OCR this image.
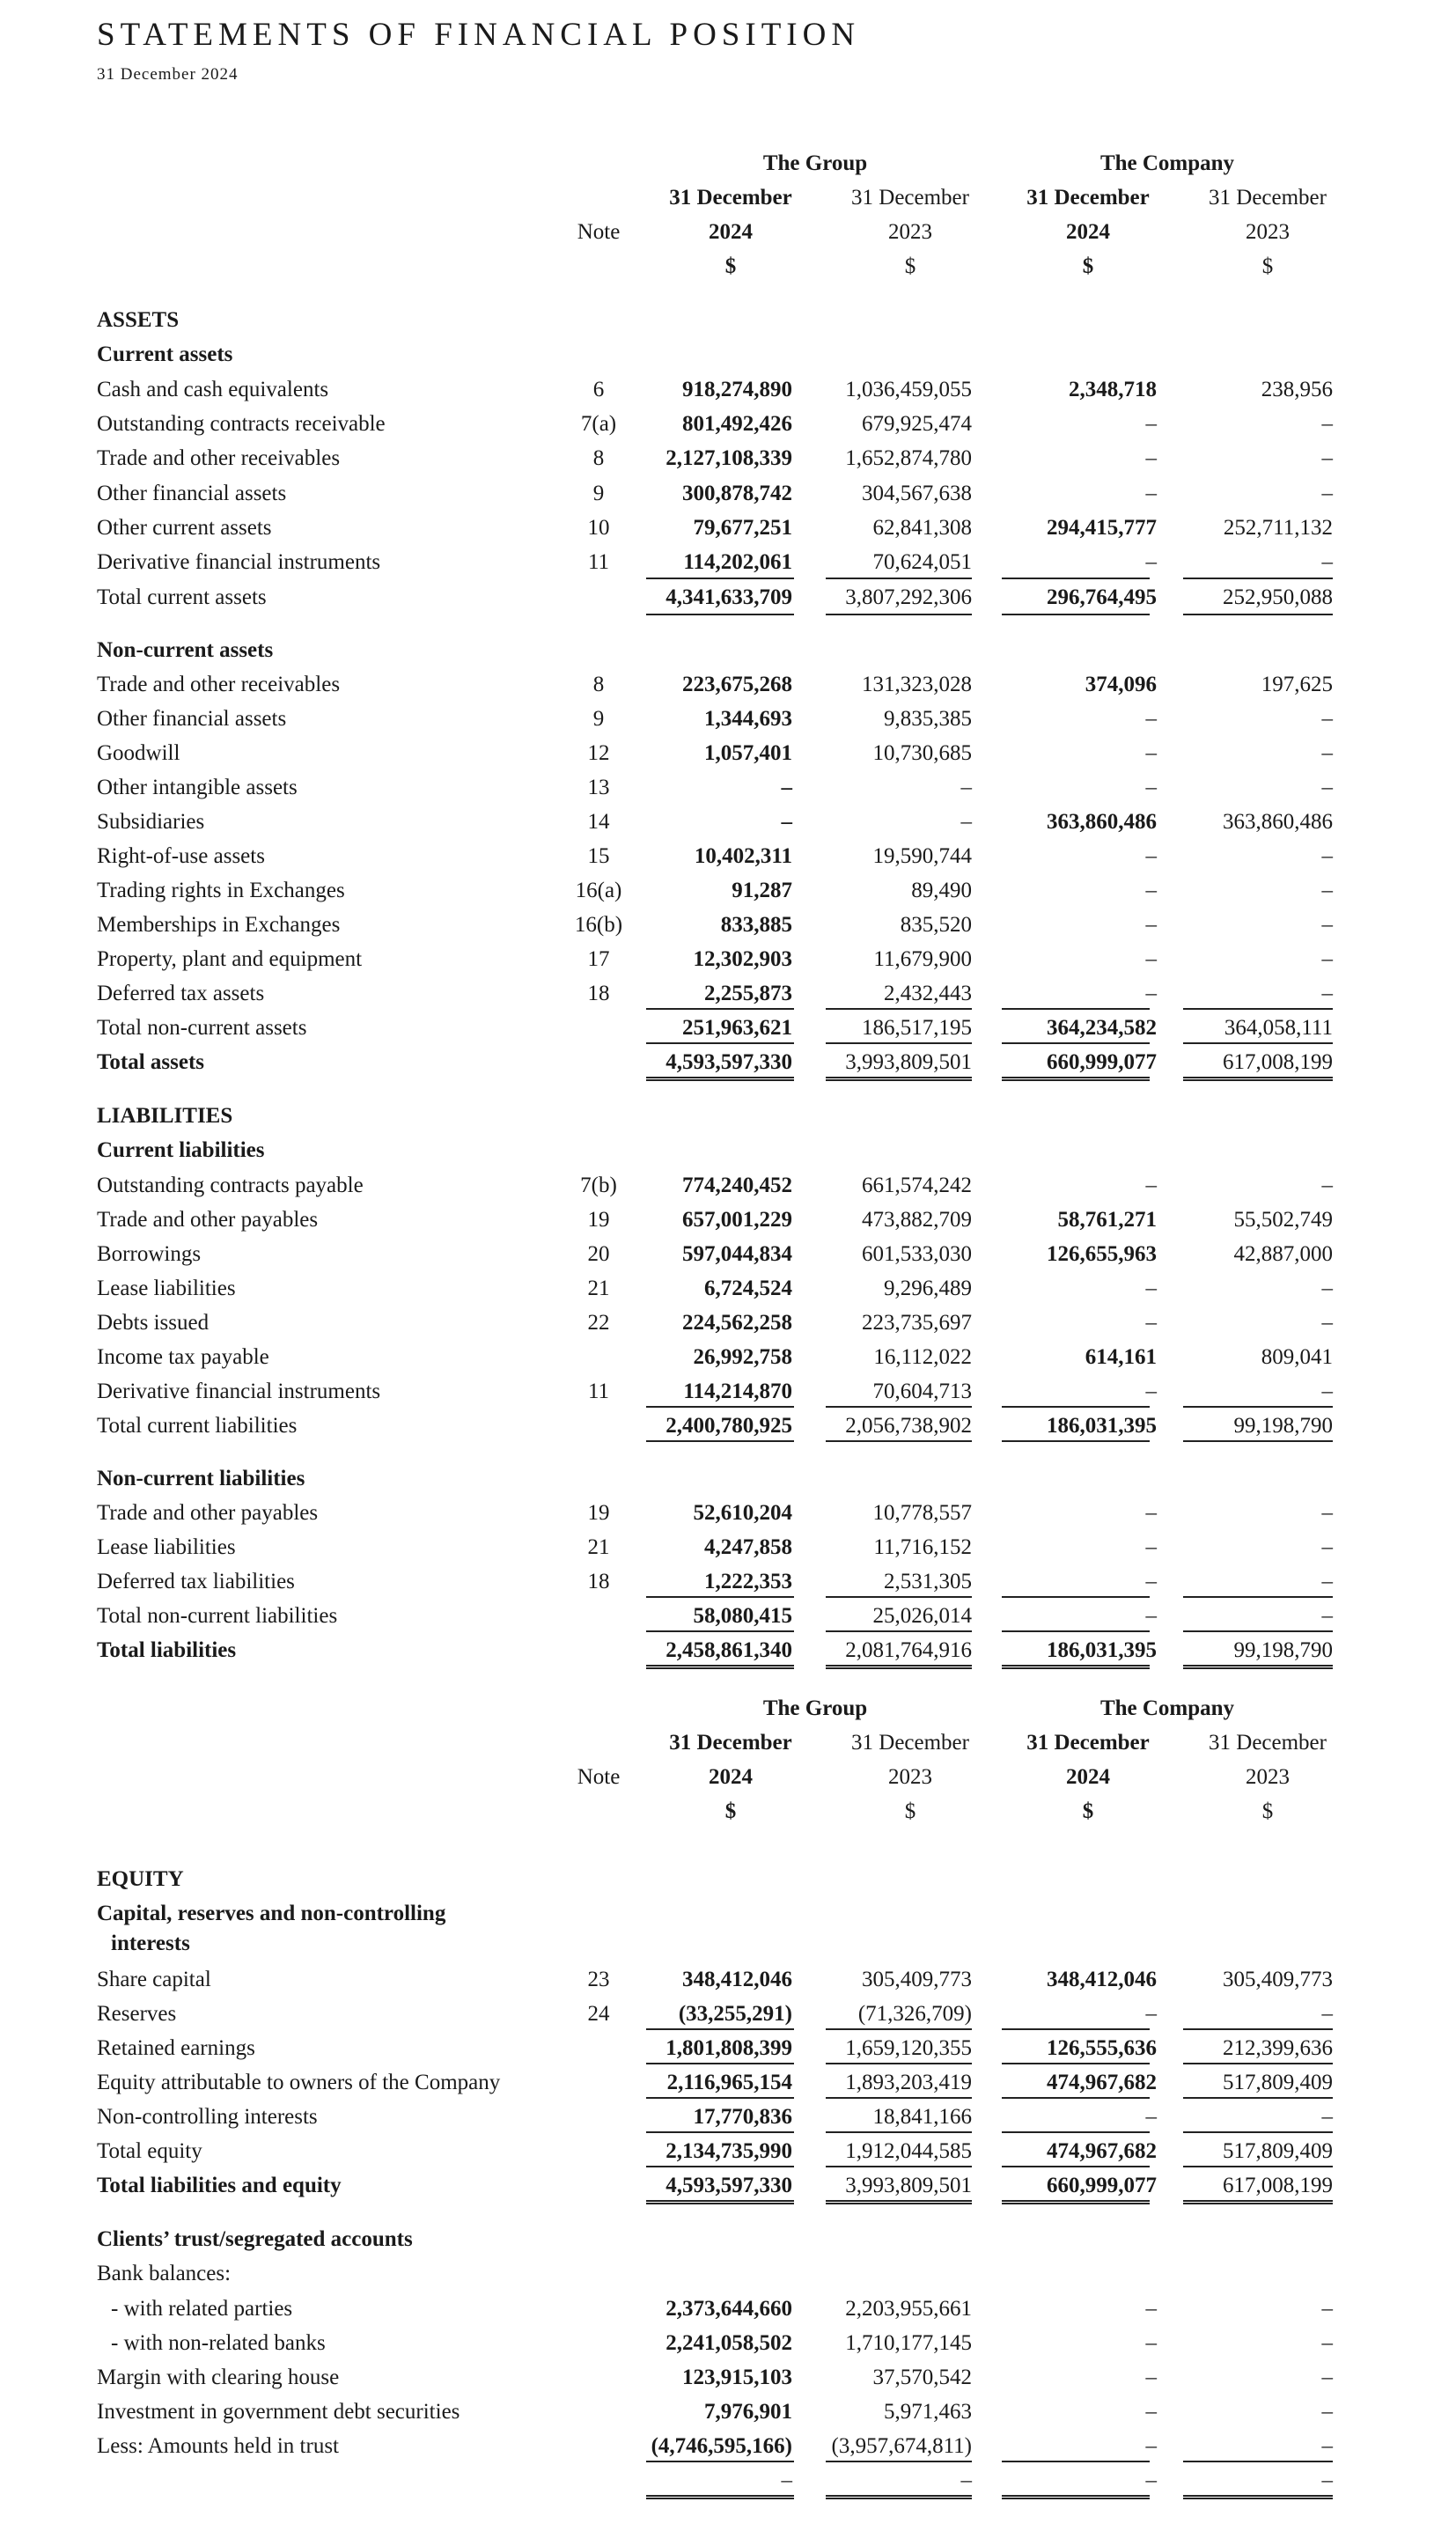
STATEMENTS OF FINANCIAL POSITION
31 December 2024
The Group	The Company
31 December	31 December	31 December	31 December
Note	2024	2023	2024	2023
$	$	$	$
The Group	The Company
31 December	31 December	31 December	31 December
Note	2024	2023	2024	2023
$	$	$	$
ASSETS
Current assets
Cash and cash equivalents	6	918,274,890	1,036,459,055	2,348,718	238,956
Outstanding contracts receivable	7(a)	801,492,426	679,925,474	–	–
Trade and other receivables	8	2,127,108,339	1,652,874,780	–	–
Other financial assets	9	300,878,742	304,567,638	–	–
Other current assets	10	79,677,251	62,841,308	294,415,777	252,711,132
Derivative financial instruments	11	114,202,061	70,624,051	–	–
Total current assets	4,341,633,709	3,807,292,306	296,764,495	252,950,088
Non-current assets
Trade and other receivables	8	223,675,268	131,323,028	374,096	197,625
Other financial assets	9	1,344,693	9,835,385	–	–
Goodwill	12	1,057,401	10,730,685	–	–
Other intangible assets	13	–	–	–	–
Subsidiaries	14	–	–	363,860,486	363,860,486
Right-of-use assets	15	10,402,311	19,590,744	–	–
Trading rights in Exchanges	16(a)	91,287	89,490	–	–
Memberships in Exchanges	16(b)	833,885	835,520	–	–
Property, plant and equipment	17	12,302,903	11,679,900	–	–
Deferred tax assets	18	2,255,873	2,432,443	–	–
Total non-current assets	251,963,621	186,517,195	364,234,582	364,058,111
Total assets	4,593,597,330	3,993,809,501	660,999,077	617,008,199
LIABILITIES
Current liabilities
Outstanding contracts payable	7(b)	774,240,452	661,574,242	–	–
Trade and other payables	19	657,001,229	473,882,709	58,761,271	55,502,749
Borrowings	20	597,044,834	601,533,030	126,655,963	42,887,000
Lease liabilities	21	6,724,524	9,296,489	–	–
Debts issued	22	224,562,258	223,735,697	–	–
Income tax payable	26,992,758	16,112,022	614,161	809,041
Derivative financial instruments	11	114,214,870	70,604,713	–	–
Total current liabilities	2,400,780,925	2,056,738,902	186,031,395	99,198,790
Non-current liabilities
Trade and other payables	19	52,610,204	10,778,557	–	–
Lease liabilities	21	4,247,858	11,716,152	–	–
Deferred tax liabilities	18	1,222,353	2,531,305	–	–
Total non-current liabilities	58,080,415	25,026,014	–	–
Total liabilities	2,458,861,340	2,081,764,916	186,031,395	99,198,790
EQUITY
Capital, reserves and non-controlling
interests
Share capital	23	348,412,046	305,409,773	348,412,046	305,409,773
Reserves	24	(33,255,291)	(71,326,709)	–	–
Retained earnings	1,801,808,399	1,659,120,355	126,555,636	212,399,636
Equity attributable to owners of the Company	2,116,965,154	1,893,203,419	474,967,682	517,809,409
Non-controlling interests	17,770,836	18,841,166	–	–
Total equity	2,134,735,990	1,912,044,585	474,967,682	517,809,409
Total liabilities and equity	4,593,597,330	3,993,809,501	660,999,077	617,008,199
Clients’ trust/segregated accounts
Bank balances:
- with related parties	2,373,644,660	2,203,955,661	–	–
- with non-related banks	2,241,058,502	1,710,177,145	–	–
Margin with clearing house	123,915,103	37,570,542	–	–
Investment in government debt securities	7,976,901	5,971,463	–	–
Less: Amounts held in trust	(4,746,595,166)	(3,957,674,811)	–	–
–	–	–	–
